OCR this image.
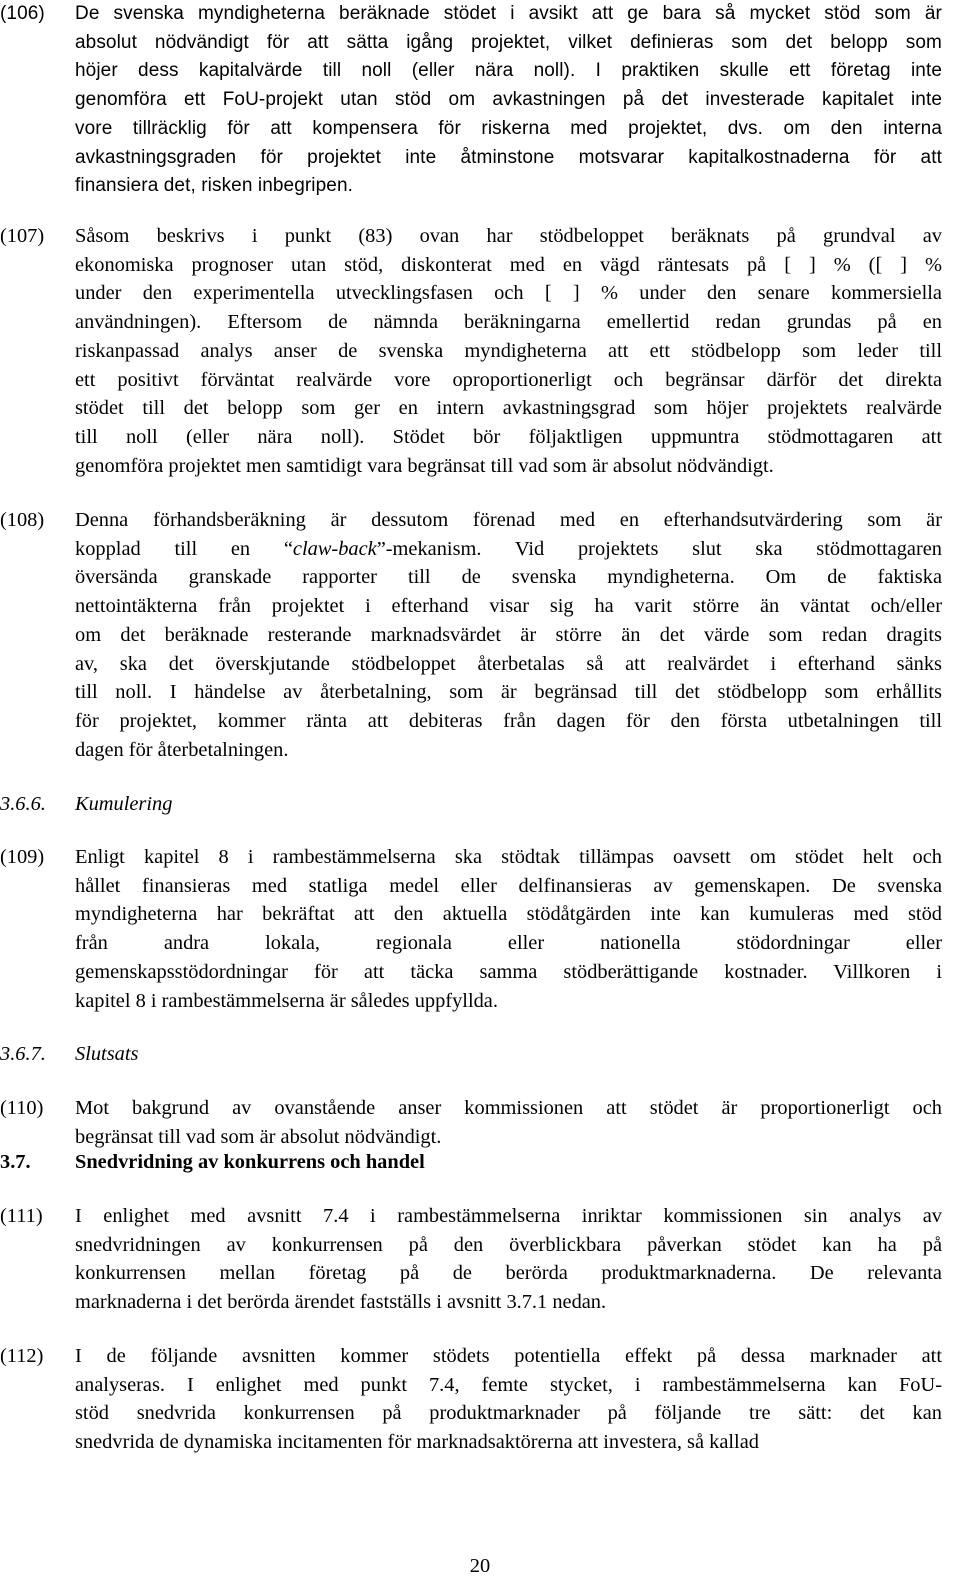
(106) De svenska myndigheterna beräknade stödet i avsikt att ge bara så mycket stöd som är
absolut nödvändigt för att sätta igång projektet, vilket definieras som det belopp som
höjer dess kapitalvärde till noll (eller nära noll). I praktiken skulle ett företag inte
genomföra ett FoU-projekt utan stöd om avkastningen på det investerade kapitalet inte
vore tillräcklig för att kompensera för riskerna med projektet, dvs. om den interna
avkastningsgraden för projektet inte åtminstone motsvarar kapitalkostnaderna för att
finansiera det, risken inbegripen.
(107) Såsom beskrivs i punkt (83) ovan har stödbeloppet beräknats på grundval av
ekonomiska prognoser utan stöd, diskonterat med en vägd räntesats på [ ] % ([ ] %
under den experimentella utvecklingsfasen och [ ] % under den senare kommersiella
användningen). Eftersom de nämnda beräkningarna emellertid redan grundas på en
riskanpassad analys anser de svenska myndigheterna att ett stödbelopp som leder till
ett positivt förväntat realvärde vore oproportionerligt och begränsar därför det direkta
stödet till det belopp som ger en intern avkastningsgrad som höjer projektets realvärde
till noll (eller nära noll). Stödet bör följaktligen uppmuntra stödmottagaren att
genomföra projektet men samtidigt vara begränsat till vad som är absolut nödvändigt.
(108) Denna förhandsberäkning är dessutom förenad med en efterhandsutvärdering som är
kopplad till en “claw-back”-mekanism. Vid projektets slut ska stödmottagaren
översända granskade rapporter till de svenska myndigheterna. Om de faktiska
nettointäkterna från projektet i efterhand visar sig ha varit större än väntat och/eller
om det beräknade resterande marknadsvärdet är större än det värde som redan dragits
av, ska det överskjutande stödbeloppet återbetalas så att realvärdet i efterhand sänks
till noll. I händelse av återbetalning, som är begränsad till det stödbelopp som erhållits
för projektet, kommer ränta att debiteras från dagen för den första utbetalningen till
dagen för återbetalningen.
3.6.6. Kumulering
(109) Enligt kapitel 8 i rambestämmelserna ska stödtak tillämpas oavsett om stödet helt och
hållet finansieras med statliga medel eller delfinansieras av gemenskapen. De svenska
myndigheterna har bekräftat att den aktuella stödåtgärden inte kan kumuleras med stöd
från andra lokala, regionala eller nationella stödordningar eller
gemenskapsstödordningar för att täcka samma stödberättigande kostnader. Villkoren i
kapitel 8 i rambestämmelserna är således uppfyllda.
3.6.7. Slutsats
(110) Mot bakgrund av ovanstående anser kommissionen att stödet är proportionerligt och
begränsat till vad som är absolut nödvändigt.
3.7. Snedvridning av konkurrens och handel
(111) I enlighet med avsnitt 7.4 i rambestämmelserna inriktar kommissionen sin analys av
snedvridningen av konkurrensen på den överblickbara påverkan stödet kan ha på
konkurrensen mellan företag på de berörda produktmarknaderna. De relevanta
marknaderna i det berörda ärendet fastställs i avsnitt 3.7.1 nedan.
(112) I de följande avsnitten kommer stödets potentiella effekt på dessa marknader att
analyseras. I enlighet med punkt 7.4, femte stycket, i rambestämmelserna kan FoU-
stöd snedvrida konkurrensen på produktmarknader på följande tre sätt: det kan
snedvrida de dynamiska incitamenten för marknadsaktörerna att investera, så kallad
20
